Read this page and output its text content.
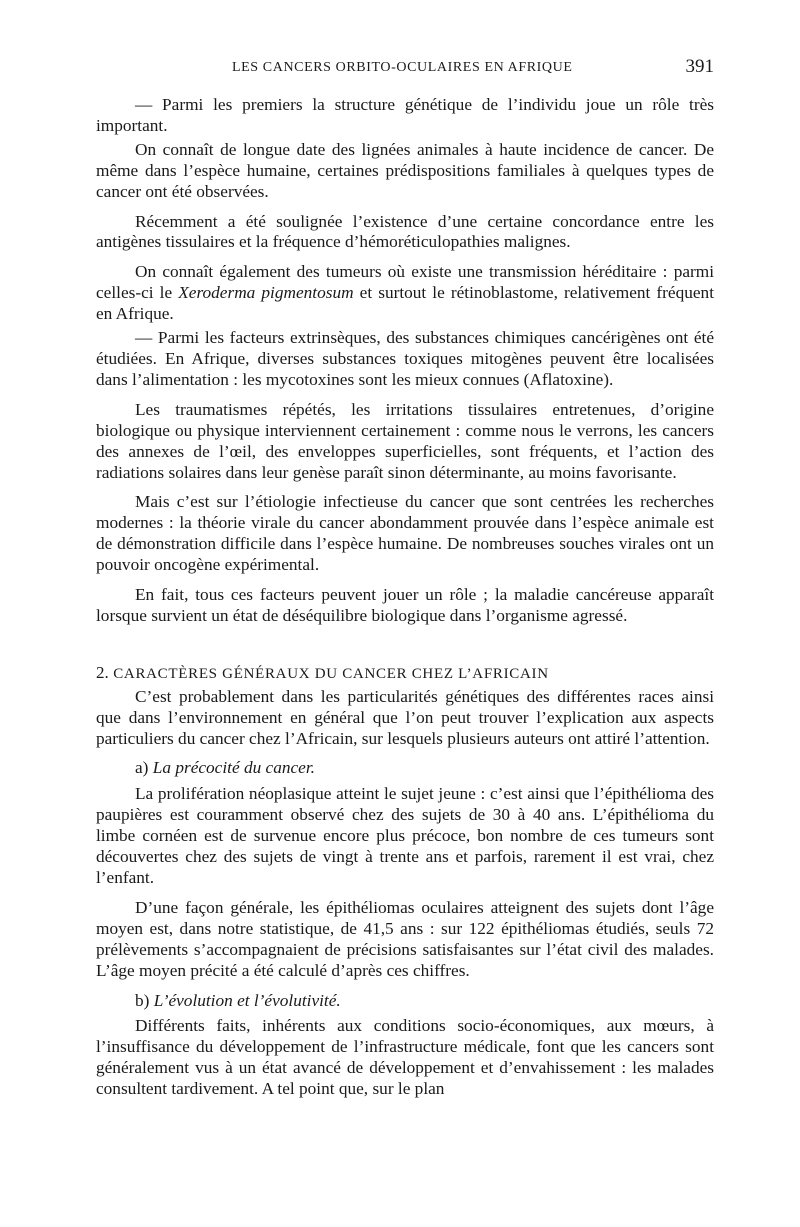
LES CANCERS ORBITO-OCULAIRES EN AFRIQUE	391

— Parmi les premiers la structure génétique de l’individu joue un rôle très important.

On connaît de longue date des lignées animales à haute incidence de cancer. De même dans l’espèce humaine, certaines prédispositions familiales à quelques types de cancer ont été observées.

Récemment a été soulignée l’existence d’une certaine concordance entre les antigènes tissulaires et la fréquence d’hémoréticulopathies malignes.

On connaît également des tumeurs où existe une transmission héréditaire : parmi celles-ci le Xeroderma pigmentosum et surtout le rétinoblastome, relativement fréquent en Afrique.

— Parmi les facteurs extrinsèques, des substances chimiques cancérigènes ont été étudiées. En Afrique, diverses substances toxiques mitogènes peuvent être localisées dans l’alimentation : les mycotoxines sont les mieux connues (Aflatoxine).

Les traumatismes répétés, les irritations tissulaires entretenues, d’origine biologique ou physique interviennent certainement : comme nous le verrons, les cancers des annexes de l’œil, des enveloppes superficielles, sont fréquents, et l’action des radiations solaires dans leur genèse paraît sinon déterminante, au moins favorisante.

Mais c’est sur l’étiologie infectieuse du cancer que sont centrées les recherches modernes : la théorie virale du cancer abondamment prouvée dans l’espèce animale est de démonstration difficile dans l’espèce humaine. De nombreuses souches virales ont un pouvoir oncogène expérimental.

En fait, tous ces facteurs peuvent jouer un rôle ; la maladie cancéreuse apparaît lorsque survient un état de déséquilibre biologique dans l’organisme agressé.

2. CARACTÈRES GÉNÉRAUX DU CANCER CHEZ L’AFRICAIN

C’est probablement dans les particularités génétiques des différentes races ainsi que dans l’environnement en général que l’on peut trouver l’explication aux aspects particuliers du cancer chez l’Africain, sur lesquels plusieurs auteurs ont attiré l’attention.

a) La précocité du cancer.

La prolifération néoplasique atteint le sujet jeune : c’est ainsi que l’épithélioma des paupières est couramment observé chez des sujets de 30 à 40 ans. L’épithélioma du limbe cornéen est de survenue encore plus précoce, bon nombre de ces tumeurs sont découvertes chez des sujets de vingt à trente ans et parfois, rarement il est vrai, chez l’enfant.

D’une façon générale, les épithéliomas oculaires atteignent des sujets dont l’âge moyen est, dans notre statistique, de 41,5 ans : sur 122 épithéliomas étudiés, seuls 72 prélèvements s’accompagnaient de précisions satisfaisantes sur l’état civil des malades. L’âge moyen précité a été calculé d’après ces chiffres.

b) L’évolution et l’évolutivité.

Différents faits, inhérents aux conditions socio-économiques, aux mœurs, à l’insuffisance du développement de l’infrastructure médicale, font que les cancers sont généralement vus à un état avancé de développement et d’envahissement : les malades consultent tardivement. A tel point que, sur le plan
